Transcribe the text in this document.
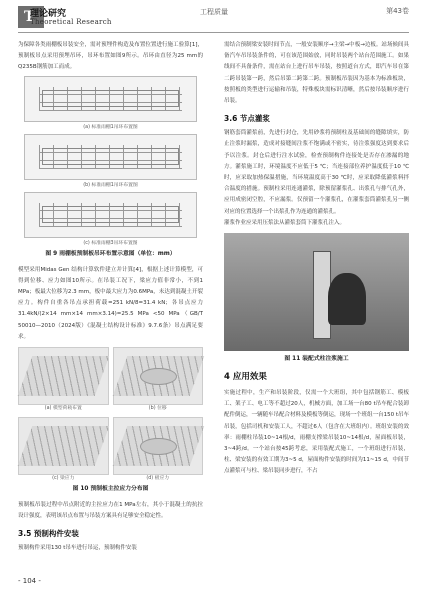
T
理论研究
Theoretical Research
工程质量	第43卷

为保障各类雨棚板吊装安全，需对预埋件构造及布置位置进行施工验算[1]，预制板吊点采用预埋吊环，吊环布置如图9所示。吊环由直径为25 mm的Q235B钢筋加工而成。

(a) 标准雨棚1吊环布置图
(b) 标准雨棚1吊环布置图
(c) 标准雨棚3吊环布置图
图 9 雨棚板预制板吊环布置示意图（单位：mm）

模型采用Midas Gen 结构计算软件建立并计算[4]，根据上述计算模型，可得到位移、应力如图10所示。在吊装工况下，梁应力值非常小，不到1 MPa；板最大位移为2.3 mm，板中最大应力为0.6MPa，未达到混凝土开裂应力。构件自重各吊点承担荷载=251 kN/8=31.4 kN；各吊点应力 31.4kN/(2×14 mm×14 mm×3.14)=25.5 MPa <50 MPa（GB/T 50010—2010（2024版）《混凝土结构设计标准》9.7.6条）吊点满足要求。

(a) 模型荷载布置	(b) 位移
(c) 梁应力	(d) 板应力
图 10 预制板主拉应力分布图

预制板吊装过程中吊点附近的主拉应力在1 MPa左右，其小于混凝土的抗拉设计强度，表明该吊点布置与吊装方案具有足够安全稳定性。

3.5 预制构件安装

预制构件采用130 t吊车进行吊运，预制构件安装

需结合预制梁安装时间节点，一般安装顺序→主梁→中板→边板。站场候间具备汽车吊吊装条件的，可在该范围始放，同时吊装两个站台范围施工。如果线间不具备条件，需在站台上进行吊车吊装，按照道台方式，即汽车吊在第二跨吊装第一跨，然后吊第二跨第二跨。预制板吊装因为基本为标准板块，按照板的类型进行运输和吊装，特殊板块需标识清晰，然后按吊装顺序进行吊装。

3.6 节点灌浆

钢筋套筒灌浆前，先进行封仓，先用砂浆将预制柱及基础间的缝隙填实，防止注浆时漏浆，造成对接缝间注浆不饱满或不密实，待注浆强度达到要求后予以注浆。封仓后进行注水试验，检查预制构件连接处是否存在渗漏的地方。灌浆施工时，环境温度不应低于5 ℃；当连接部位养护温度低于10 ℃时，应采取加热保温措施，当环境温度高于30 ℃时，应采取降低灌浆料拌合温度的措施。预制柱采用连通灌浆，除预留灌浆孔、出浆孔与排气孔外，应用成密闭空腔，不应漏浆。仅预留一个灌浆孔，在灌浆套筒灌浆孔另一侧对应的位置选择一个出浆孔作为连通的灌浆孔。

灌浆作业应采用压浆法从灌浆套筒下灌浆孔注入。

图 11 装配式柱注浆施工
4 应用效果

实施过程中，生产和吊装阶段，仅需一个大班组，其中包括钢筋工、模板工、架子工、电工等不超过20人，机械方面，加工场一台80 t吊车配合装卸配件倒运，一辆随车吊配合材料及模板等倒运，现场一个班组一台150 t吊车吊装，包括司机和安装工人，不超过6人（包含在大班组内）。班组安装的效率：雨棚柱吊装10~14根/d，雨棚支撑梁吊装10~14根/d，屋面板吊装，3~4跨/d。一个站台按45跨考虑，采用装配式施工，一个班组进行吊装，柱、梁安装的有效工期为3~5 d，屋面构件安装的时间为11~15 d，中间节点灌浆可与柱、梁吊装同步进行，不占

- 104 -
